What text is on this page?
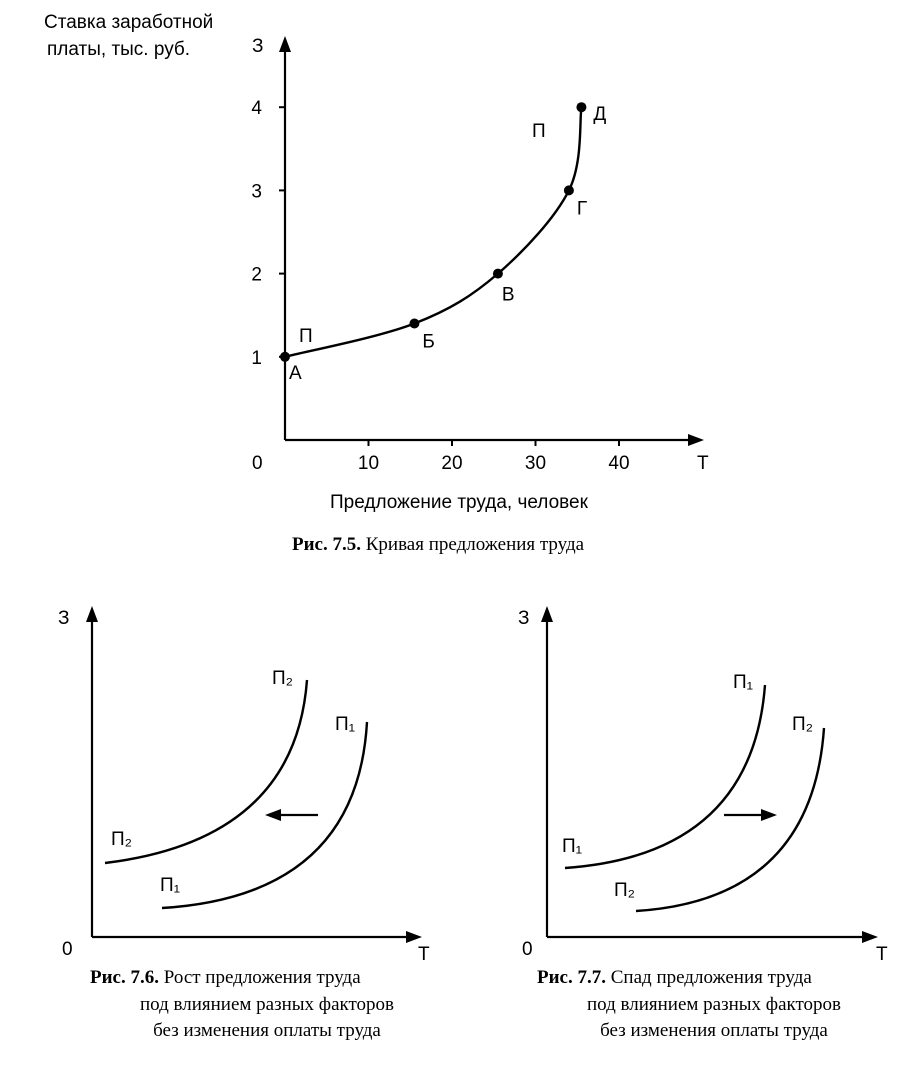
Ставка заработной
платы, тыс. руб.	З
1
2
3
4
10	20	30	40
0	Т
А
Б
В
Г
Д
П
П
Предложение труда, человек
Рис. 7.5. Кривая предложения труда
З
0	Т
П₂
П₂
П₁
П₁
Рис. 7.6. Рост предложения труда
под влиянием разных факторов
без изменения оплаты труда
З
0	Т
П₁
П₁
П₂
П₂
Рис. 7.7. Спад предложения труда
под влиянием разных факторов
без изменения оплаты труда
